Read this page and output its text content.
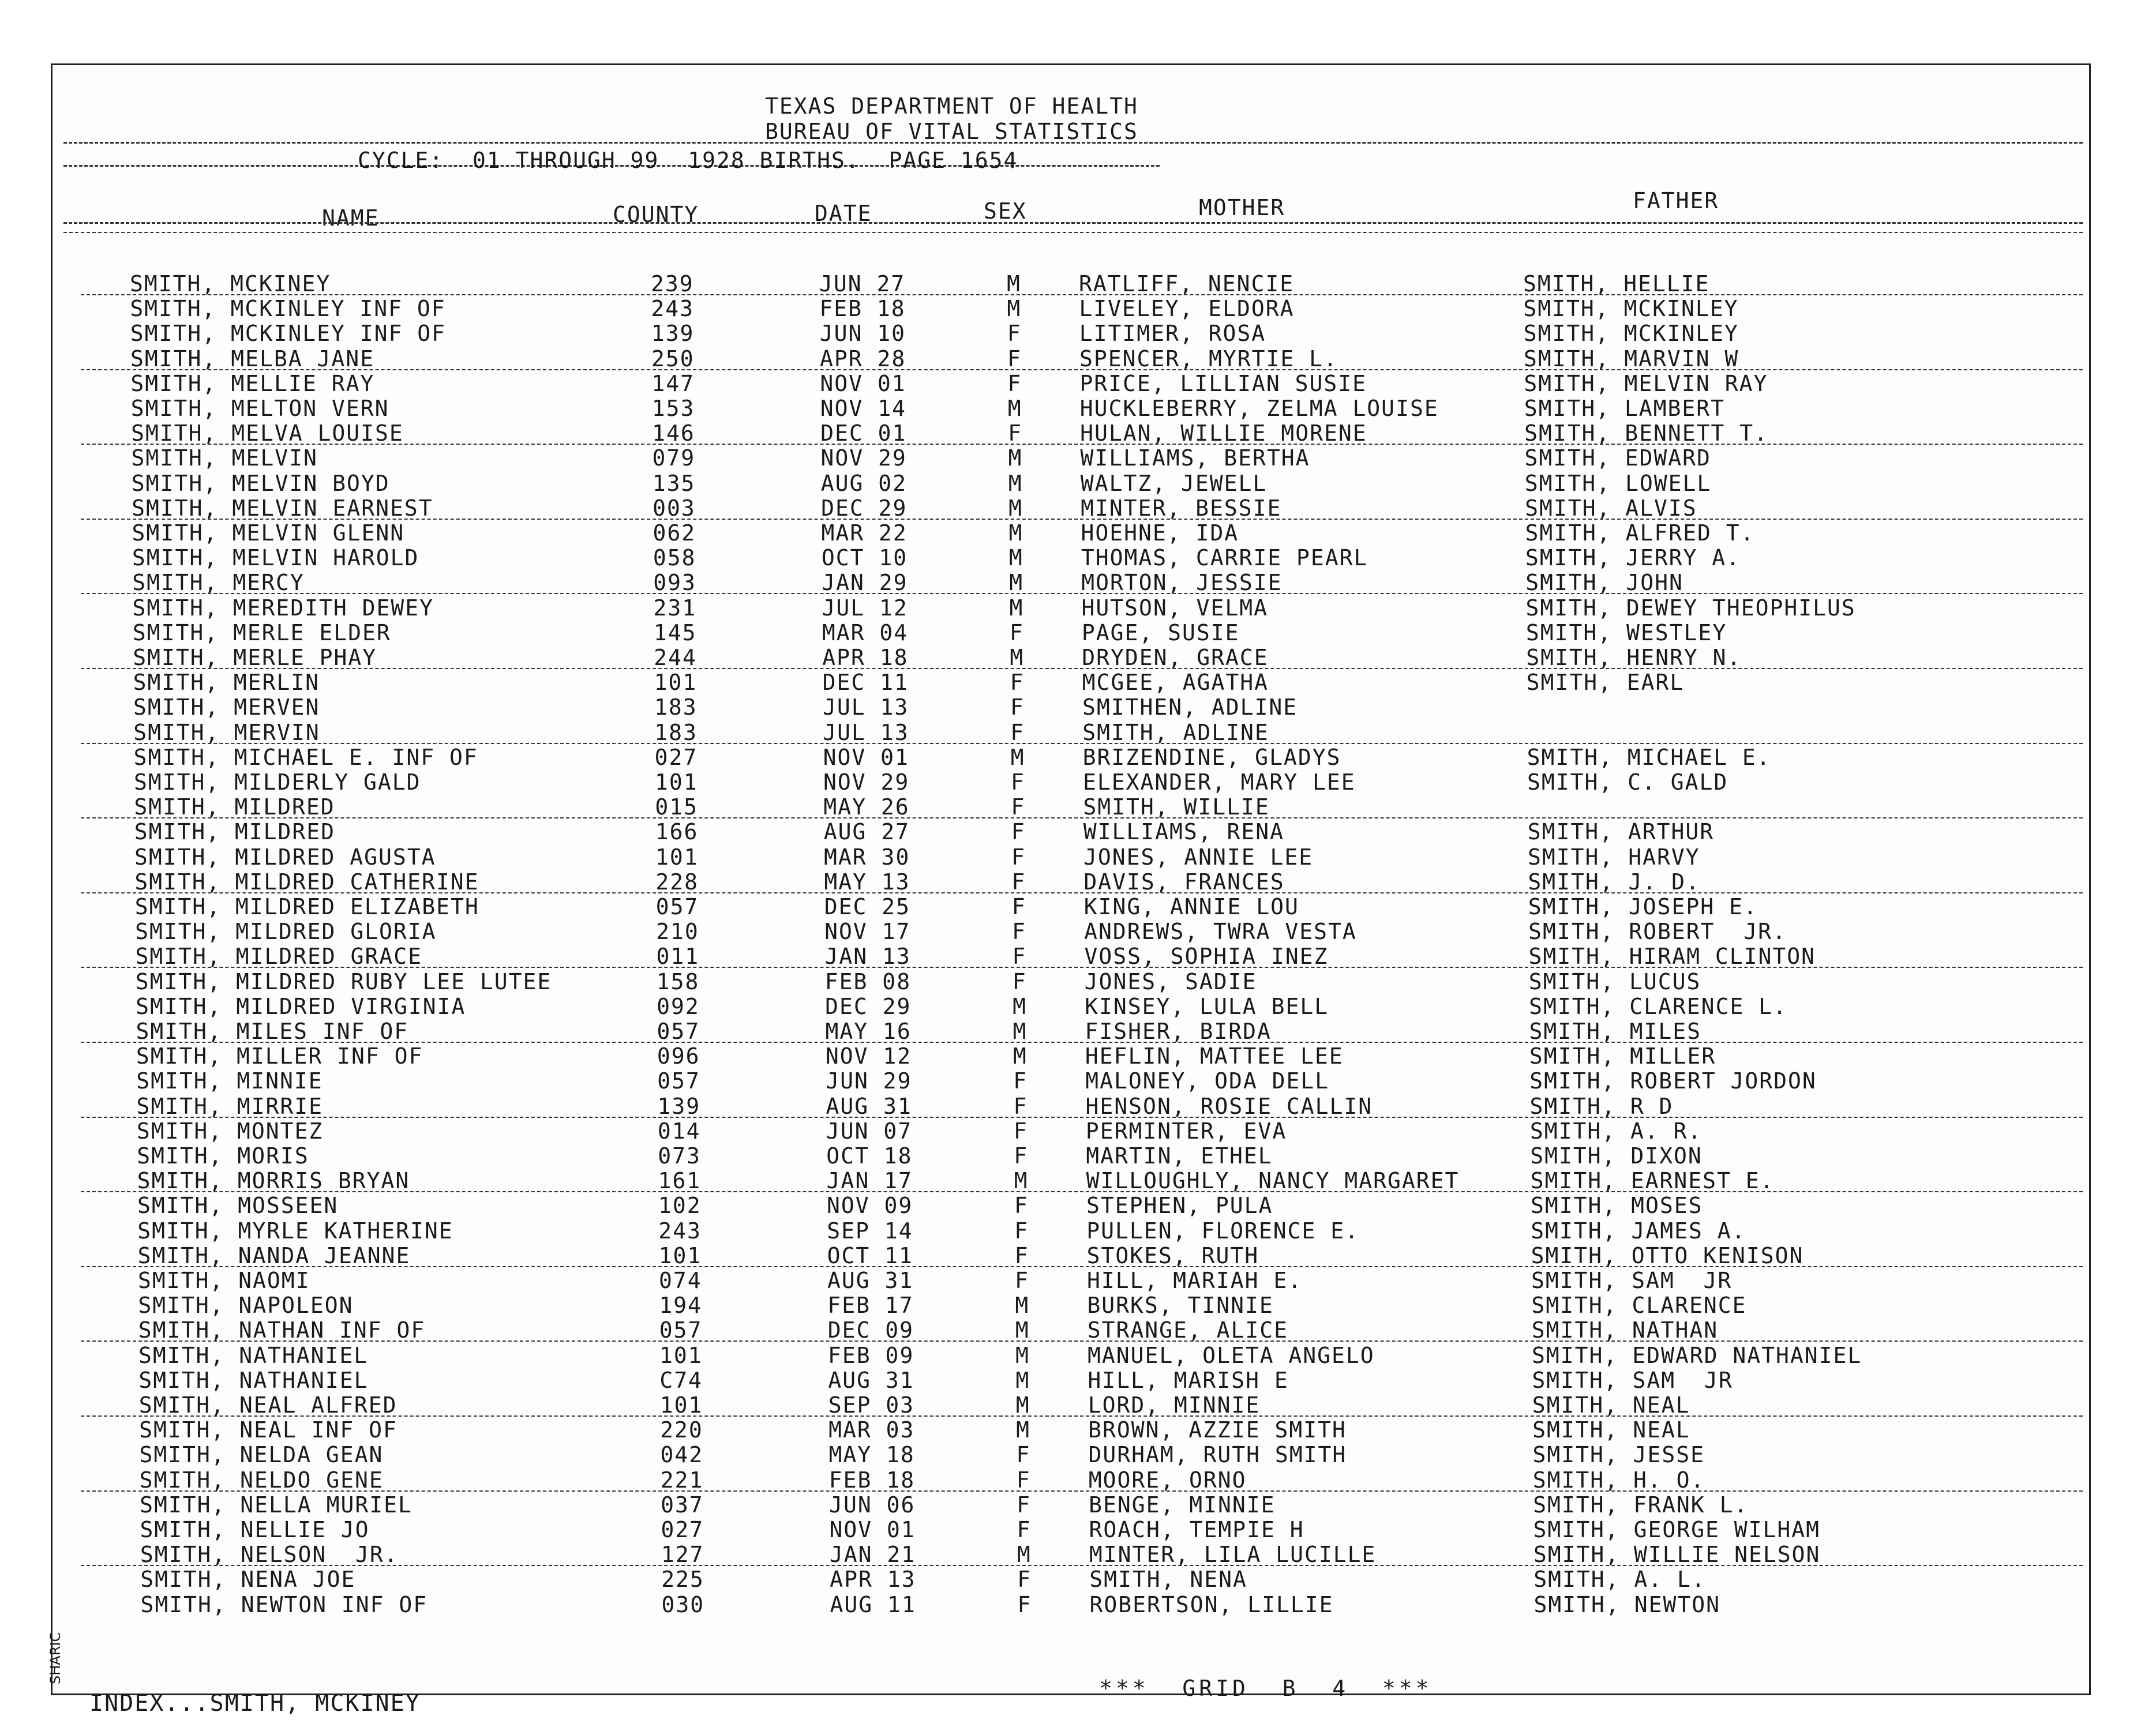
TEXAS DEPARTMENT OF HEALTH
BUREAU OF VITAL STATISTICS
CYCLE:  01 THROUGH 99  1928 BIRTHS.  PAGE 1654
NAME	COUNTY	DATE	SEX	MOTHER	FATHER
SMITH, MCKINEY	239	JUN 27	M	RATLIFF, NENCIE	SMITH, HELLIE
SMITH, MCKINLEY INF OF	243	FEB 18	M	LIVELEY, ELDORA	SMITH, MCKINLEY
SMITH, MCKINLEY INF OF	139	JUN 10	F	LITIMER, ROSA	SMITH, MCKINLEY
SMITH, MELBA JANE	250	APR 28	F	SPENCER, MYRTIE L.	SMITH, MARVIN W
SMITH, MELLIE RAY	147	NOV 01	F	PRICE, LILLIAN SUSIE	SMITH, MELVIN RAY
SMITH, MELTON VERN	153	NOV 14	M	HUCKLEBERRY, ZELMA LOUISE	SMITH, LAMBERT
SMITH, MELVA LOUISE	146	DEC 01	F	HULAN, WILLIE MORENE	SMITH, BENNETT T.
SMITH, MELVIN	079	NOV 29	M	WILLIAMS, BERTHA	SMITH, EDWARD
SMITH, MELVIN BOYD	135	AUG 02	M	WALTZ, JEWELL	SMITH, LOWELL
SMITH, MELVIN EARNEST	003	DEC 29	M	MINTER, BESSIE	SMITH, ALVIS
SMITH, MELVIN GLENN	062	MAR 22	M	HOEHNE, IDA	SMITH, ALFRED T.
SMITH, MELVIN HAROLD	058	OCT 10	M	THOMAS, CARRIE PEARL	SMITH, JERRY A.
SMITH, MERCY	093	JAN 29	M	MORTON, JESSIE	SMITH, JOHN
SMITH, MEREDITH DEWEY	231	JUL 12	M	HUTSON, VELMA	SMITH, DEWEY THEOPHILUS
SMITH, MERLE ELDER	145	MAR 04	F	PAGE, SUSIE	SMITH, WESTLEY
SMITH, MERLE PHAY	244	APR 18	M	DRYDEN, GRACE	SMITH, HENRY N.
SMITH, MERLIN	101	DEC 11	F	MCGEE, AGATHA	SMITH, EARL
SMITH, MERVEN	183	JUL 13	F	SMITHEN, ADLINE
SMITH, MERVIN	183	JUL 13	F	SMITH, ADLINE
SMITH, MICHAEL E. INF OF	027	NOV 01	M	BRIZENDINE, GLADYS	SMITH, MICHAEL E.
SMITH, MILDERLY GALD	101	NOV 29	F	ELEXANDER, MARY LEE	SMITH, C. GALD
SMITH, MILDRED	015	MAY 26	F	SMITH, WILLIE
SMITH, MILDRED	166	AUG 27	F	WILLIAMS, RENA	SMITH, ARTHUR
SMITH, MILDRED AGUSTA	101	MAR 30	F	JONES, ANNIE LEE	SMITH, HARVY
SMITH, MILDRED CATHERINE	228	MAY 13	F	DAVIS, FRANCES	SMITH, J. D.
SMITH, MILDRED ELIZABETH	057	DEC 25	F	KING, ANNIE LOU	SMITH, JOSEPH E.
SMITH, MILDRED GLORIA	210	NOV 17	F	ANDREWS, TWRA VESTA	SMITH, ROBERT  JR.
SMITH, MILDRED GRACE	011	JAN 13	F	VOSS, SOPHIA INEZ	SMITH, HIRAM CLINTON
SMITH, MILDRED RUBY LEE LUTEE	158	FEB 08	F	JONES, SADIE	SMITH, LUCUS
SMITH, MILDRED VIRGINIA	092	DEC 29	M	KINSEY, LULA BELL	SMITH, CLARENCE L.
SMITH, MILES INF OF	057	MAY 16	M	FISHER, BIRDA	SMITH, MILES
SMITH, MILLER INF OF	096	NOV 12	M	HEFLIN, MATTEE LEE	SMITH, MILLER
SMITH, MINNIE	057	JUN 29	F	MALONEY, ODA DELL	SMITH, ROBERT JORDON
SMITH, MIRRIE	139	AUG 31	F	HENSON, ROSIE CALLIN	SMITH, R D
SMITH, MONTEZ	014	JUN 07	F	PERMINTER, EVA	SMITH, A. R.
SMITH, MORIS	073	OCT 18	F	MARTIN, ETHEL	SMITH, DIXON
SMITH, MORRIS BRYAN	161	JAN 17	M	WILLOUGHLY, NANCY MARGARET	SMITH, EARNEST E.
SMITH, MOSSEEN	102	NOV 09	F	STEPHEN, PULA	SMITH, MOSES
SMITH, MYRLE KATHERINE	243	SEP 14	F	PULLEN, FLORENCE E.	SMITH, JAMES A.
SMITH, NANDA JEANNE	101	OCT 11	F	STOKES, RUTH	SMITH, OTTO KENISON
SMITH, NAOMI	074	AUG 31	F	HILL, MARIAH E.	SMITH, SAM  JR
SMITH, NAPOLEON	194	FEB 17	M	BURKS, TINNIE	SMITH, CLARENCE
SMITH, NATHAN INF OF	057	DEC 09	M	STRANGE, ALICE	SMITH, NATHAN
SMITH, NATHANIEL	101	FEB 09	M	MANUEL, OLETA ANGELO	SMITH, EDWARD NATHANIEL
SMITH, NATHANIEL	C74	AUG 31	M	HILL, MARISH E	SMITH, SAM  JR
SMITH, NEAL ALFRED	101	SEP 03	M	LORD, MINNIE	SMITH, NEAL
SMITH, NEAL INF OF	220	MAR 03	M	BROWN, AZZIE SMITH	SMITH, NEAL
SMITH, NELDA GEAN	042	MAY 18	F	DURHAM, RUTH SMITH	SMITH, JESSE
SMITH, NELDO GENE	221	FEB 18	F	MOORE, ORNO	SMITH, H. O.
SMITH, NELLA MURIEL	037	JUN 06	F	BENGE, MINNIE	SMITH, FRANK L.
SMITH, NELLIE JO	027	NOV 01	F	ROACH, TEMPIE H	SMITH, GEORGE WILHAM
SMITH, NELSON  JR.	127	JAN 21	M	MINTER, LILA LUCILLE	SMITH, WILLIE NELSON
SMITH, NENA JOE	225	APR 13	F	SMITH, NENA	SMITH, A. L.
SMITH, NEWTON INF OF	030	AUG 11	F	ROBERTSON, LILLIE	SMITH, NEWTON
***  GRID  B  4  ***
INDEX...SMITH, MCKINEY
SHARIC
